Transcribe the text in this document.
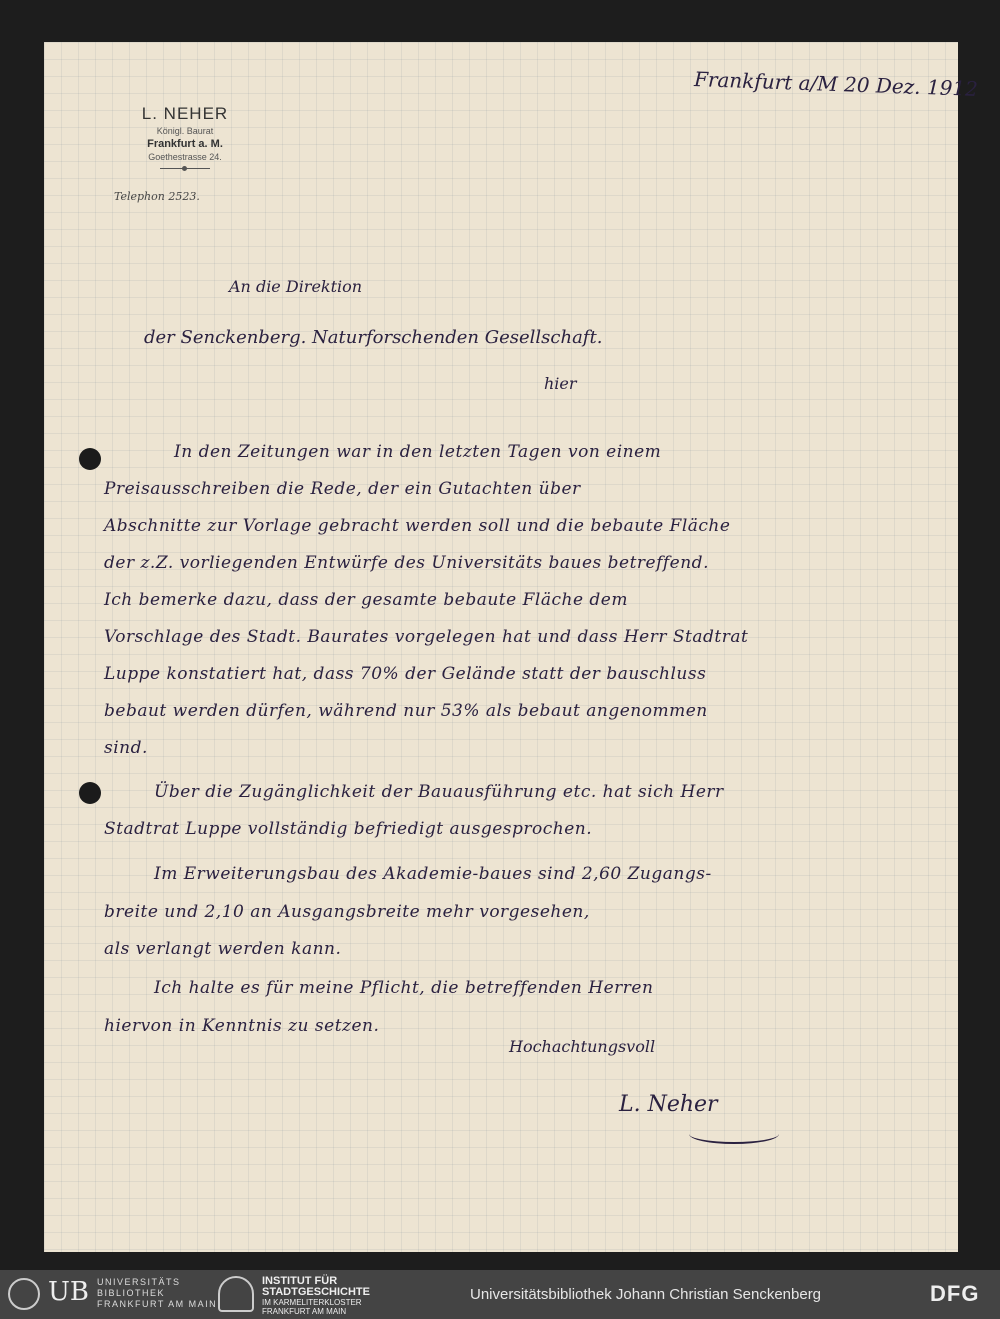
L. NEHER
Königl. Baurat
Frankfurt a. M.
Goethestrasse 24.
Telephon 2523.
Frankfurt a/M 20 Dez. 1912
An die Direktion
der Senckenberg. Naturforschenden Gesellschaft.
hier
In den Zeitungen war in den letzten Tagen von einem
Preisausschreiben die Rede, der ein Gutachten über
Abschnitte zur Vorlage gebracht werden soll und die bebaute Fläche
der z.Z. vorliegenden Entwürfe des Universitäts baues betreffend.
Ich bemerke dazu, dass der gesamte bebaute Fläche dem
Vorschlage des Stadt. Baurates vorgelegen hat und dass Herr Stadtrat
Luppe konstatiert hat, dass 70% der Gelände statt der bauschluss
bebaut werden dürfen, während nur 53% als bebaut angenommen
sind.
Über die Zugänglichkeit der Bauausführung etc. hat sich Herr
Stadtrat Luppe vollständig befriedigt ausgesprochen.
Im Erweiterungsbau des Akademie-baues sind 2,60 Zugangs-
breite und 2,10 an Ausgangsbreite mehr vorgesehen,
als verlangt werden kann.
Ich halte es für meine Pflicht, die betreffenden Herren
hiervon in Kenntnis zu setzen.
Hochachtungsvoll
L. Neher
UB UNIVERSITÄTS
BIBLIOTHEK
FRANKFURT AM MAIN
INSTITUT FÜR
STADTGESCHICHTE
IM KARMELITERKLOSTER
FRANKFURT AM MAIN
Universitätsbibliothek Johann Christian Senckenberg	DFG
